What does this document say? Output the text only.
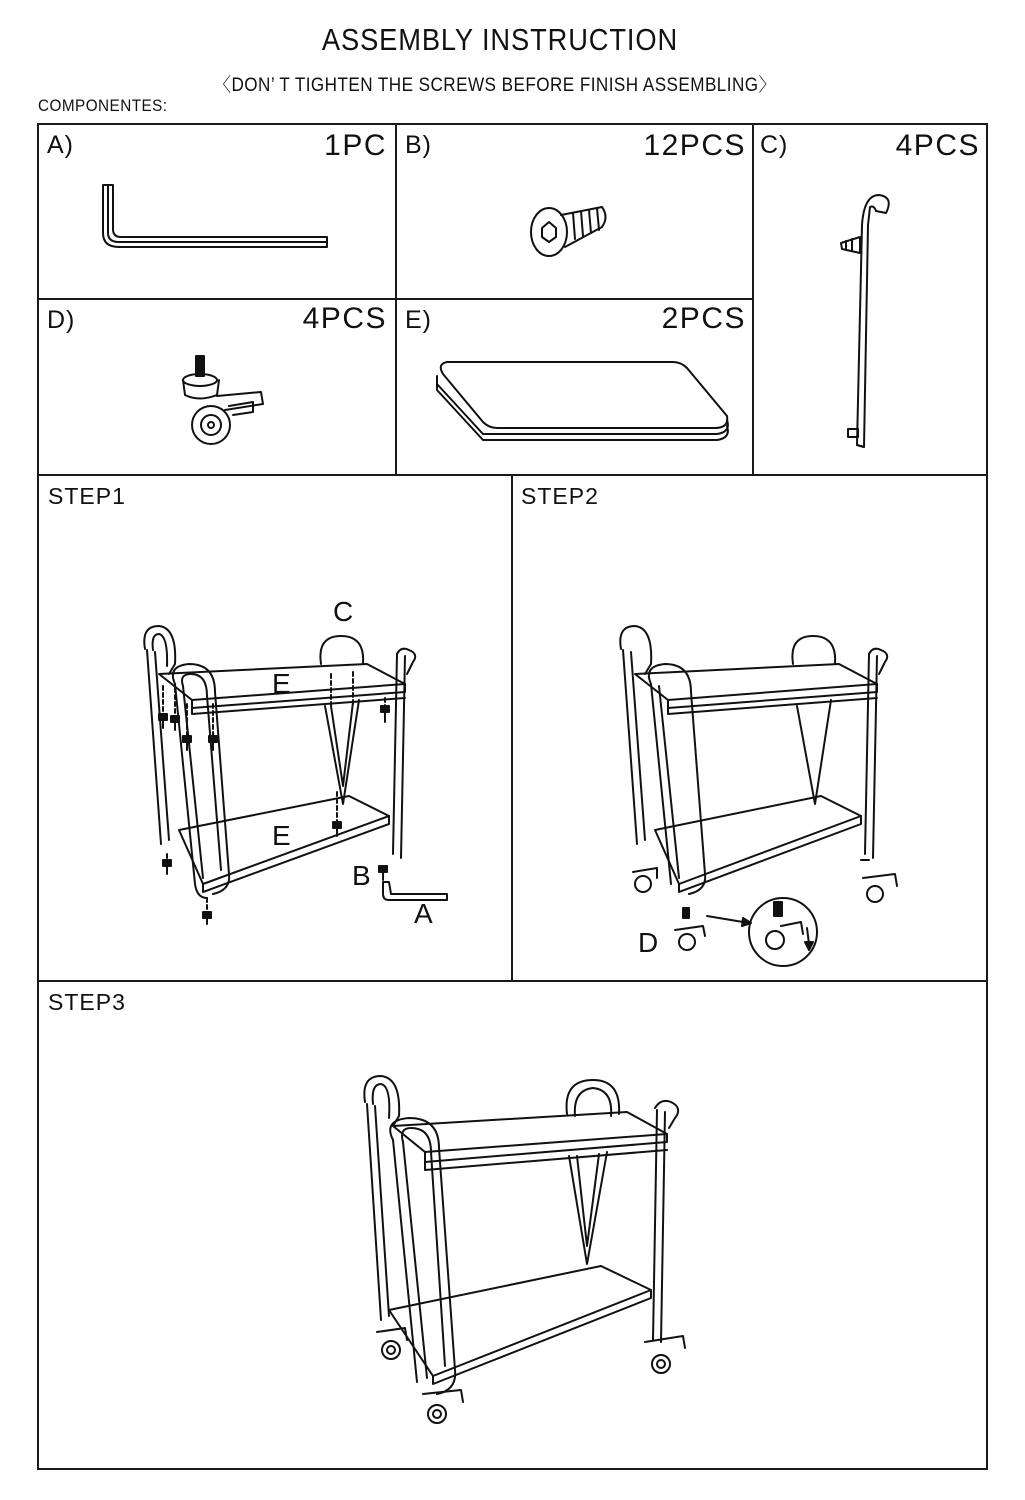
ASSEMBLY INSTRUCTION
〈DON’ T TIGHTEN THE SCREWS BEFORE FINISH ASSEMBLING〉
COMPONENTES:
A)	1PC B)	12PCS C)	4PCS
D)	4PCS E)	2PCS
STEP1	STEP2
STEP3
C
E
E
B
A
D
